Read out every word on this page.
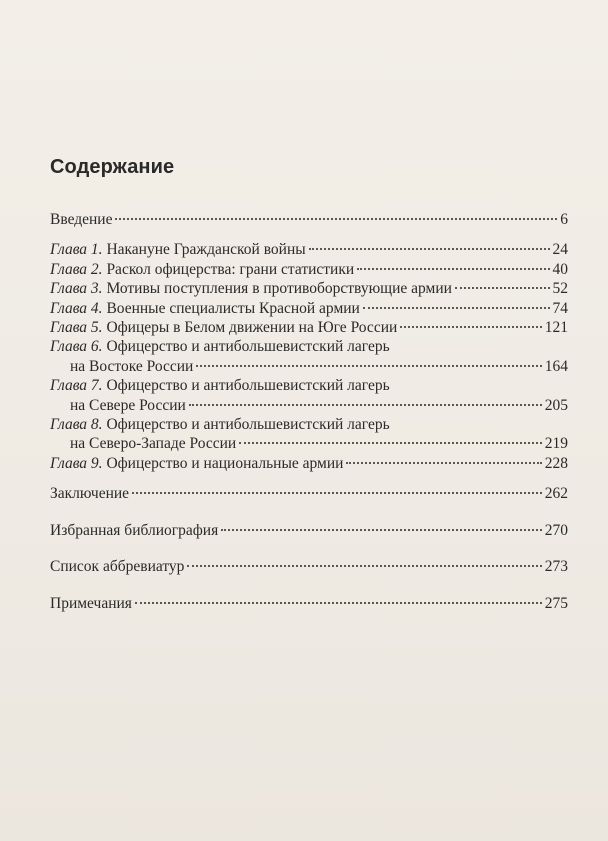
Содержание
Введение	6
Глава 1. Накануне Гражданской войны	24
Глава 2. Раскол офицерства: грани статистики	40
Глава 3. Мотивы поступления в противоборствующие армии	52
Глава 4. Военные специалисты Красной армии	74
Глава 5. Офицеры в Белом движении на Юге России	121
Глава 6. Офицерство и антибольшевистский лагерь
на Востоке России	164
Глава 7. Офицерство и антибольшевистский лагерь
на Севере России	205
Глава 8. Офицерство и антибольшевистский лагерь
на Северо-Западе России	219
Глава 9. Офицерство и национальные армии	228
Заключение	262
Избранная библиография	270
Список аббревиатур	273
Примечания	275
